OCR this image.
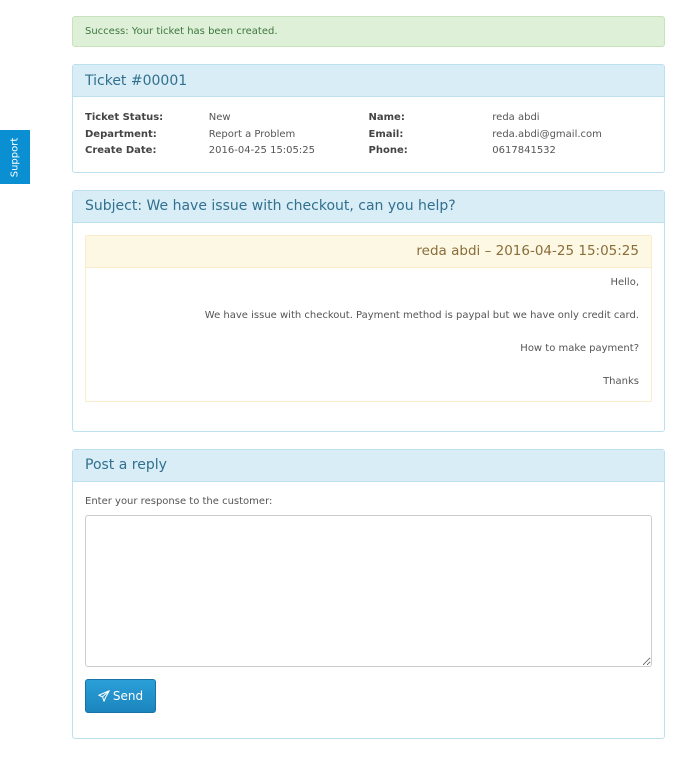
Support
Success: Your ticket has been created.
Ticket #00001
Ticket Status:
Department:
Create Date:
New
Report a Problem
2016-04-25 15:05:25
Name:
Email:
Phone:
reda abdi
reda.abdi@gmail.com
0617841532
Subject: We have issue with checkout, can you help?
reda abdi – 2016-04-25 15:05:25

Hello,

We have issue with checkout. Payment method is paypal but we have only credit card.

How to make payment?

Thanks

Post a reply
Enter your response to the customer:
Send
